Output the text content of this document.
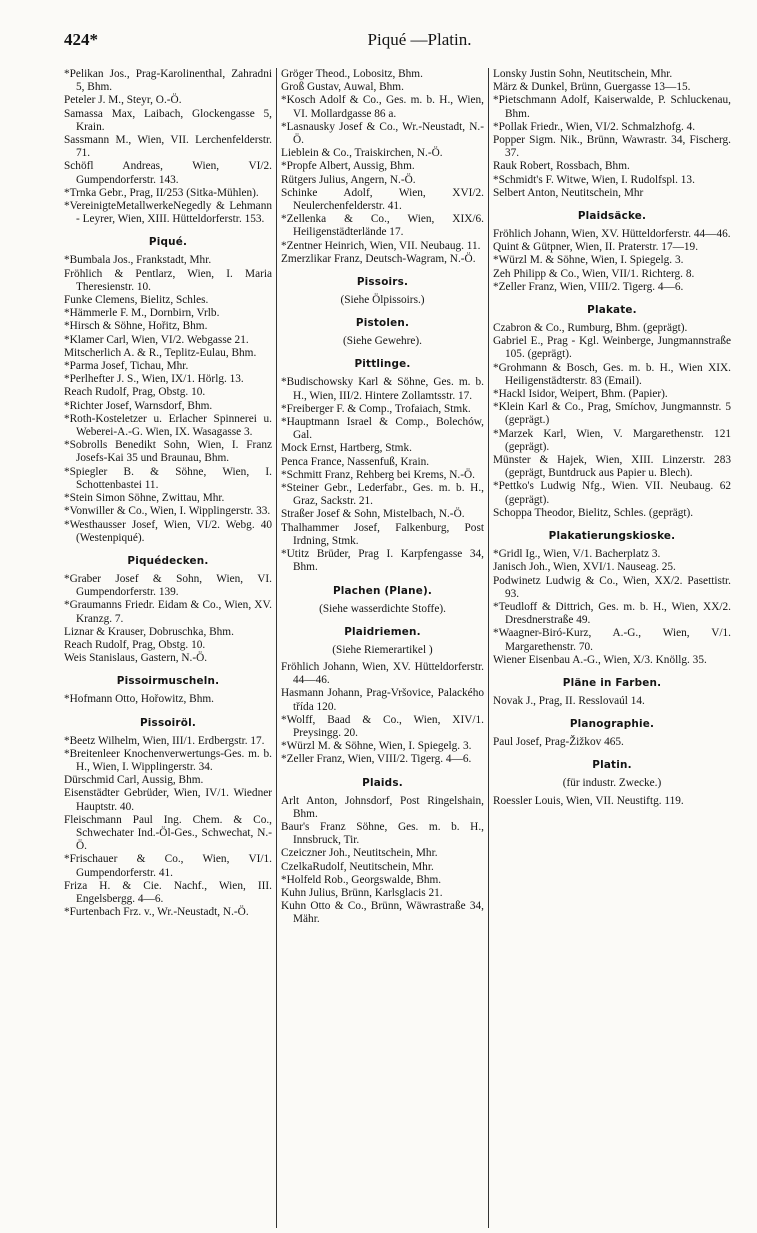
424*	Piqué —Platin.
*Pelikan Jos., Prag-Karolinenthal, Zahradni 5, Bhm.
Peteler J. M., Steyr, O.-Ö.
Samassa Max, Laibach, Glockengasse 5, Krain.
Sassmann M., Wien, VII. Lerchenfelderstr. 71.
Schöfl Andreas, Wien, VI/2. Gumpendorferstr. 143.
*Trnka Gebr., Prag, II/253 (Sitka-Mühlen).
*VereinigteMetallwerkeNegedly & Lehmann - Leyrer, Wien, XIII. Hütteldorferstr. 153.
Piqué.
*Bumbala Jos., Frankstadt, Mhr.
Fröhlich & Pentlarz, Wien, I. Maria Theresienstr. 10.
Funke Clemens, Bielitz, Schles.
*Hämmerle F. M., Dornbirn, Vrlb.
*Hirsch & Söhne, Hořitz, Bhm.
*Klamer Carl, Wien, VI/2. Webgasse 21.
Mitscherlich A. & R., Teplitz-Eulau, Bhm.
*Parma Josef, Tichau, Mhr.
*Perlhefter J. S., Wien, IX/1. Hörlg. 13.
Reach Rudolf, Prag, Obstg. 10.
*Richter Josef, Warnsdorf, Bhm.
*Roth-Kosteletzer u. Erlacher Spinnerei u. Weberei-A.-G. Wien, IX. Wasagasse 3.
*Sobrolls Benedikt Sohn, Wien, I. Franz Josefs-Kai 35 und Braunau, Bhm.
*Spiegler B. & Söhne, Wien, I. Schottenbastei 11.
*Stein Simon Söhne, Zwittau, Mhr.
*Vonwiller & Co., Wien, I. Wipplingerstr. 33.
*Westhausser Josef, Wien, VI/2. Webg. 40 (Westenpiqué).
Piquédecken.
*Graber Josef & Sohn, Wien, VI. Gumpendorferstr. 139.
*Graumanns Friedr. Eidam & Co., Wien, XV. Kranzg. 7.
Liznar & Krauser, Dobruschka, Bhm.
Reach Rudolf, Prag, Obstg. 10.
Weis Stanislaus, Gastern, N.-Ö.
Pissoirmuscheln.
*Hofmann Otto, Hořowitz, Bhm.
Pissoiröl.
*Beetz Wilhelm, Wien, III/1. Erdbergstr. 17.
*Breitenleer Knochenverwertungs-Ges. m. b. H., Wien, I. Wipplingerstr. 34.
Dürschmid Carl, Aussig, Bhm.
Eisenstädter Gebrüder, Wien, IV/1. Wiedner Hauptstr. 40.
Fleischmann Paul Ing. Chem. & Co., Schwechater Ind.-Öl-Ges., Schwechat, N.-Ö.
*Frischauer & Co., Wien, VI/1. Gumpendorferstr. 41.
Friza H. & Cie. Nachf., Wien, III. Engelsbergg. 4—6.
*Furtenbach Frz. v., Wr.-Neustadt, N.-Ö.
Gröger Theod., Lobositz, Bhm.
Groß Gustav, Auwal, Bhm.
*Kosch Adolf & Co., Ges. m. b. H., Wien, VI. Mollardgasse 86 a.
*Lasnausky Josef & Co., Wr.-Neustadt, N.-Ö.
Lieblein & Co., Traiskirchen, N.-Ö.
*Propfe Albert, Aussig, Bhm.
Rütgers Julius, Angern, N.-Ö.
Schinke Adolf, Wien, XVI/2. Neulerchenfelderstr. 41.
*Zellenka & Co., Wien, XIX/6. Heiligenstädterlände 17.
*Zentner Heinrich, Wien, VII. Neubaug. 11.
Zmerzlikar Franz, Deutsch-Wagram, N.-Ö.
Pissoirs.
(Siehe Ölpissoirs.)
Pistolen.
(Siehe Gewehre).
Pittlinge.
*Budischowsky Karl & Söhne, Ges. m. b. H., Wien, III/2. Hintere Zollamtsstr. 17.
*Freiberger F. & Comp., Trofaiach, Stmk.
*Hauptmann Israel & Comp., Bolechów, Gal.
Mock Ernst, Hartberg, Stmk.
Penca France, Nassenfuß, Krain.
*Schmitt Franz, Rehberg bei Krems, N.-Ö.
*Steiner Gebr., Lederfabr., Ges. m. b. H., Graz, Sackstr. 21.
Straßer Josef & Sohn, Mistelbach, N.-Ö.
Thalhammer Josef, Falkenburg, Post Irdning, Stmk.
*Utitz Brüder, Prag I. Karpfengasse 34, Bhm.
Plachen (Plane).
(Siehe wasserdichte Stoffe).
Plaidriemen.
(Siehe Riemerartikel )
Fröhlich Johann, Wien, XV. Hütteldorferstr. 44—46.
Hasmann Johann, Prag-Vršovice, Palackého třída 120.
*Wolff, Baad & Co., Wien, XIV/1. Preysingg. 20.
*Würzl M. & Söhne, Wien, I. Spiegelg. 3.
*Zeller Franz, Wien, VIII/2. Tigerg. 4—6.
Plaids.
Arlt Anton, Johnsdorf, Post Ringelshain, Bhm.
Baur's Franz Söhne, Ges. m. b. H., Innsbruck, Tir.
Czeiczner Joh., Neutitschein, Mhr.
CzelkaRudolf, Neutitschein, Mhr.
*Holfeld Rob., Georgswalde, Bhm.
Kuhn Julius, Brünn, Karlsglacis 21.
Kuhn Otto & Co., Brünn, Wäwrastraße 34, Mähr.
Lonsky Justin Sohn, Neutitschein, Mhr.
März & Dunkel, Brünn, Guergasse 13—15.
*Pietschmann Adolf, Kaiserwalde, P. Schluckenau, Bhm.
*Pollak Friedr., Wien, VI/2. Schmalzhofg. 4.
Popper Sigm. Nik., Brünn, Wawrastr. 34, Fischerg. 37.
Rauk Robert, Rossbach, Bhm.
*Schmidt's F. Witwe, Wien, I. Rudolfspl. 13.
Selbert Anton, Neutitschein, Mhr
Plaidsäcke.
Fröhlich Johann, Wien, XV. Hütteldorferstr. 44—46.
Quint & Gütpner, Wien, II. Praterstr. 17—19.
*Würzl M. & Söhne, Wien, I. Spiegelg. 3.
Zeh Philipp & Co., Wien, VII/1. Richterg. 8.
*Zeller Franz, Wien, VIII/2. Tigerg. 4—6.
Plakate.
Czabron & Co., Rumburg, Bhm. (geprägt).
Gabriel E., Prag - Kgl. Weinberge, Jungmannstraße 105. (geprägt).
*Grohmann & Bosch, Ges. m. b. H., Wien XIX. Heiligenstädterstr. 83 (Email).
*Hackl Isidor, Weipert, Bhm. (Papier).
*Klein Karl & Co., Prag, Smíchov, Jungmannstr. 5 (geprägt.)
*Marzek Karl, Wien, V. Margarethenstr. 121 (geprägt).
Münster & Hajek, Wien, XIII. Linzerstr. 283 (geprägt, Buntdruck aus Papier u. Blech).
*Pettko's Ludwig Nfg., Wien. VII. Neubaug. 62 (geprägt).
Schoppa Theodor, Bielitz, Schles. (geprägt).
Plakatierungskioske.
*Gridl Ig., Wien, V/1. Bacherplatz 3.
Janisch Joh., Wien, XVI/1. Nauseag. 25.
Podwinetz Ludwig & Co., Wien, XX/2. Pasettistr. 93.
*Teudloff & Dittrich, Ges. m. b. H., Wien, XX/2. Dresdnerstraße 49.
*Waagner-Biró-Kurz, A.-G., Wien, V/1. Margarethenstr. 70.
Wiener Eisenbau A.-G., Wien, X/3. Knöllg. 35.
Pläne in Farben.
Novak J., Prag, II. Resslovaúl 14.
Planographie.
Paul Josef, Prag-Žižkov 465.
Platin.
(für industr. Zwecke.)
Roessler Louis, Wien, VII. Neustiftg. 119.
